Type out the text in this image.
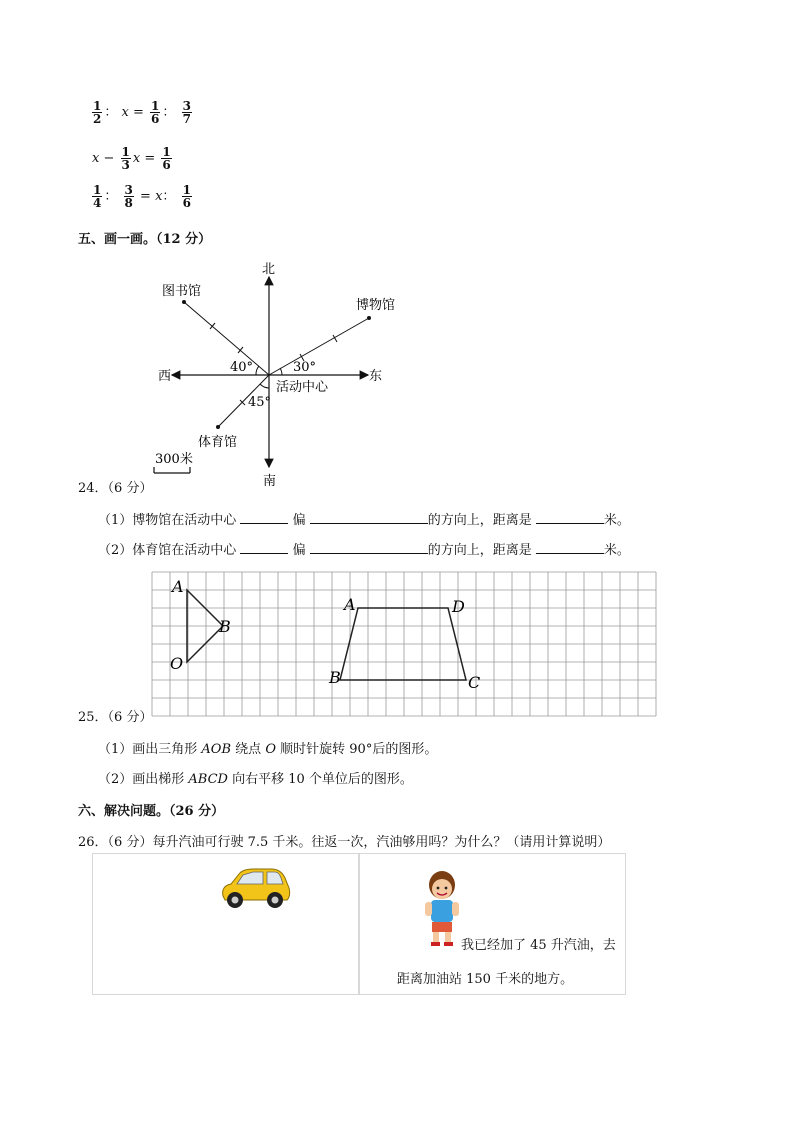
$\frac{1}{2}$ ： $x = \frac{1}{6}$ ： $\frac{3}{7}$
$x - \frac{1}{3}$ $x = \frac{1}{6}$
$\frac{1}{4}$ ： $\frac{3}{8} = x$： $\frac{1}{6}$
五、画一画。（12 分）
北
南
东
西
图书馆
博物馆
活动中心
体育馆
40°	30°
45°
300米
24．（6 分）
（1）博物馆在活动中心	偏	的方向上，距离是	米。
（2）体育馆在活动中心	偏	的方向上，距离是	米。
A
B
O
A	D
B	C
25．（6 分）
（1）画出三角形 AOB 绕点 O 顺时针旋转 90°后的图形。
（2）画出梯形 ABCD 向右平移 10 个单位后的图形。
六、解决问题。（26 分）
26．（6 分）每升汽油可行驶 7.5 千米。往返一次，汽油够用吗？为什么？（请用计算说明）
我已经加了 45 升汽油，去
距离加油站 150 千米的地方。
